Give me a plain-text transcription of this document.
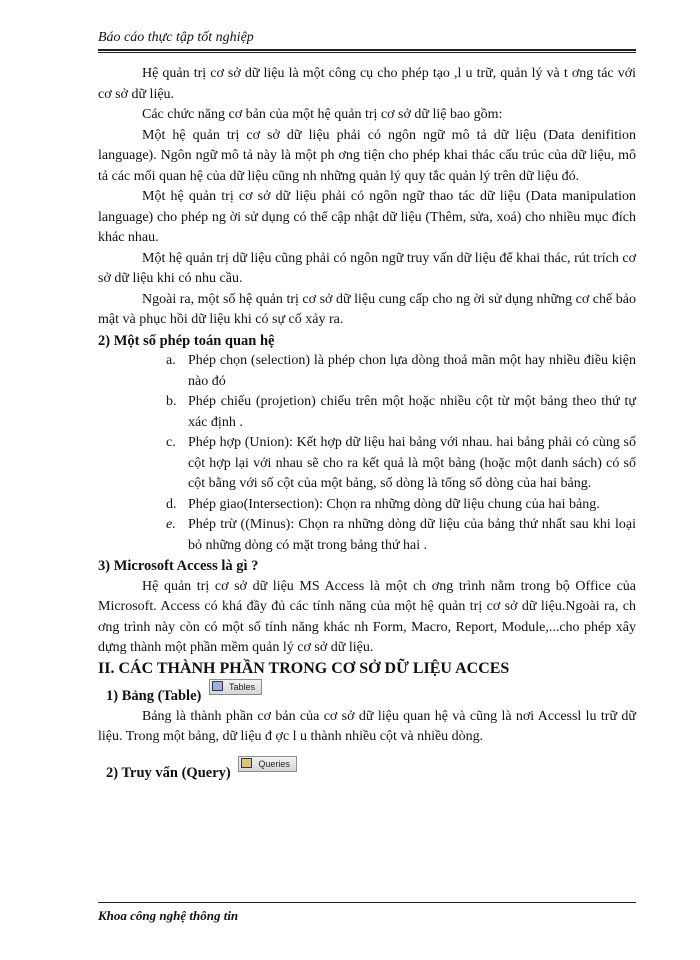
Báo cáo thực tập tốt nghiệp

Hệ quản trị cơ sở dữ liệu là một công cụ cho phép tạo ,l u trữ, quản lý và t ơng tác với cơ sở dữ liệu.

Các chức năng cơ bản của một hệ quản trị cơ sở dữ liệ bao gồm:

Một hệ quản trị cơ sở dữ liệu phải có ngôn ngữ mô tả dữ liệu (Data denifition language). Ngôn ngữ mô tả này là một ph ơng tiện cho phép khai thác cấu trúc của dữ liệu, mô tả các mối quan hệ của dữ liệu cũng nh những quản lý quy tắc quản lý trên dữ liệu đó.

Một hệ quản trị cơ sở dữ liệu phải có ngôn ngữ thao tác dữ liệu (Data manipulation language) cho phép ng ời sử dụng có thể cập nhật dữ liệu (Thêm, sửa, xoá) cho nhiều mục đích khác nhau.

Một hệ quản trị dữ liệu cũng phải có ngôn ngữ truy vấn dữ liệu để khai thác, rút trích cơ sở dữ liệu khi có nhu cầu.

Ngoài ra, một số hệ quản trị cơ sở dữ liệu cung cấp cho ng ời sử dụng những cơ chế bảo mật và phục hồi dữ liệu khi có sự cố xảy ra.

2) Một số phép toán quan hệ

a. Phép chọn (selection) là phép chon lựa dòng thoả mãn một hay nhiều điều kiện nào đó
b. Phép chiếu (projetion) chiếu trên một hoặc nhiều cột từ một bảng theo thứ tự xác định .
c. Phép hợp (Union): Kết hợp dữ liệu hai bảng với nhau. hai bảng phải có cùng số cột hợp lại với nhau sẽ cho ra kết quả là một bảng (hoặc một danh sách) có số cột bằng với số cột của một bảng, số dòng là tổng số dòng của hai bảng.
d. Phép giao(Intersection): Chọn ra những dòng dữ liệu chung của hai bảng.
e. Phép trừ ((Minus): Chọn ra những dòng dữ liệu của bảng thứ nhất sau khi loại bỏ những dòng có mặt trong bảng thứ hai .

3) Microsoft Access là gì ?

Hệ quản trị cơ sở dữ liệu MS Access là một ch ơng trình nằm trong bộ Office của Microsoft. Access có khá đầy đủ các tính năng của một hệ quản trị cơ sở dữ liệu.Ngoài ra, ch ơng trình này còn có một số tính năng khác nh Form, Macro, Report, Module,...cho phép xây dựng thành một phần mềm quản lý cơ sở dữ liệu.

II. CÁC THÀNH PHẦN TRONG CƠ SỞ DỮ LIỆU ACCES

1) Bảng (Table) Tables

Bảng là thành phần cơ bản của cơ sở dữ liệu quan hệ và cũng là nơi Accessl lu trữ dữ liệu. Trong một bảng, dữ liệu đ ợc l u thành nhiều cột và nhiều dòng.

2) Truy vấn (Query) Queries

Khoa công nghệ thông tin
